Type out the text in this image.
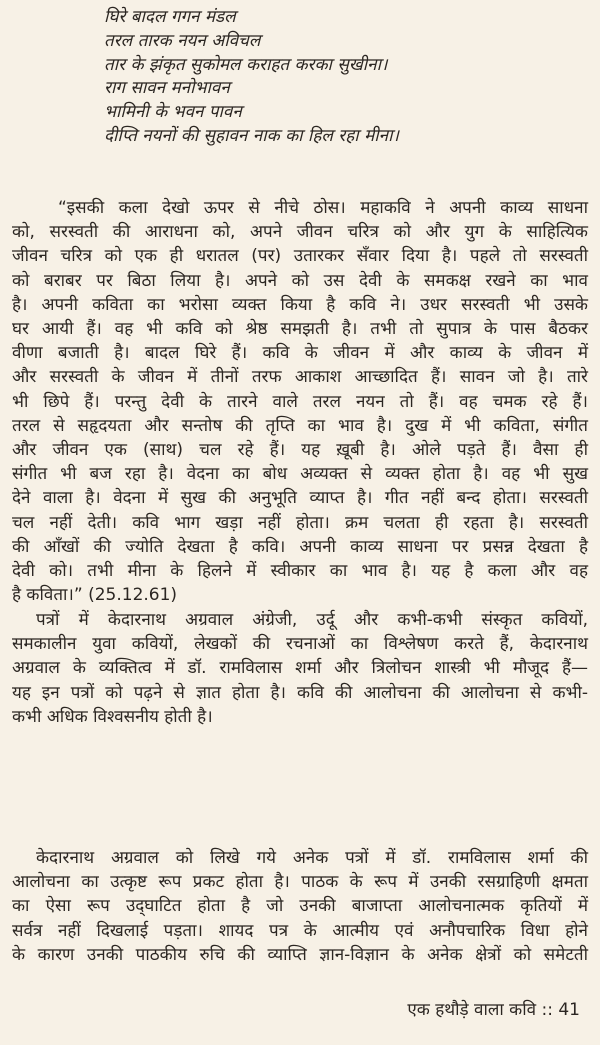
घिरे बादल गगन मंडल

तरल तारक नयन अविचल

तार के झंकृत सुकोमल कराहत करका सुखीना।

राग सावन मनोभावन

भामिनी के भवन पावन

दीप्ति नयनों की सुहावन नाक का हिल रहा मीना।

“इसकी कला देखो ऊपर से नीचे ठोस। महाकवि ने अपनी काव्य साधना

को, सरस्वती की आराधना को, अपने जीवन चरित्र को और युग के साहित्यिक

जीवन चरित्र को एक ही धरातल (पर) उतारकर सँवार दिया है। पहले तो सरस्वती

को बराबर पर बिठा लिया है। अपने को उस देवी के समकक्ष रखने का भाव

है। अपनी कविता का भरोसा व्यक्त किया है कवि ने। उधर सरस्वती भी उसके

घर आयी हैं। वह भी कवि को श्रेष्ठ समझती है। तभी तो सुपात्र के पास बैठकर

वीणा बजाती है। बादल घिरे हैं। कवि के जीवन में और काव्य के जीवन में

और सरस्वती के जीवन में तीनों तरफ आकाश आच्छादित हैं। सावन जो है। तारे

भी छिपे हैं। परन्तु देवी के तारने वाले तरल नयन तो हैं। वह चमक रहे हैं।

तरल से सहृदयता और सन्तोष की तृप्ति का भाव है। दुख में भी कविता, संगीत

और जीवन एक (साथ) चल रहे हैं। यह ख़ूबी है। ओले पड़ते हैं। वैसा ही

संगीत भी बज रहा है। वेदना का बोध अव्यक्त से व्यक्त होता है। वह भी सुख

देने वाला है। वेदना में सुख की अनुभूति व्याप्त है। गीत नहीं बन्द होता। सरस्वती

चल नहीं देती। कवि भाग खड़ा नहीं होता। क्रम चलता ही रहता है। सरस्वती

की आँखों की ज्योति देखता है कवि। अपनी काव्य साधना पर प्रसन्न देखता है

देवी को। तभी मीना के हिलने में स्वीकार का भाव है। यह है कला और वह

है कविता।” (25.12.61)

पत्रों में केदारनाथ अग्रवाल अंग्रेजी, उर्दू और कभी-कभी संस्कृत कवियों,

समकालीन युवा कवियों, लेखकों की रचनाओं का विश्लेषण करते हैं, केदारनाथ

अग्रवाल के व्यक्तित्व में डॉ. रामविलास शर्मा और त्रिलोचन शास्त्री भी मौजूद हैं—

यह इन पत्रों को पढ़ने से ज्ञात होता है। कवि की आलोचना की आलोचना से कभी-

कभी अधिक विश्वसनीय होती है।

केदारनाथ अग्रवाल को लिखे गये अनेक पत्रों में डॉ. रामविलास शर्मा की

आलोचना का उत्कृष्ट रूप प्रकट होता है। पाठक के रूप में उनकी रसग्राहिणी क्षमता

का ऐसा रूप उद्‌घाटित होता है जो उनकी बाजाप्ता आलोचनात्मक कृतियों में

सर्वत्र नहीं दिखलाई पड़ता। शायद पत्र के आत्मीय एवं अनौपचारिक विधा होने

के कारण उनकी पाठकीय रुचि की व्याप्ति ज्ञान-विज्ञान के अनेक क्षेत्रों को समेटती

एक हथौड़े वाला कवि :: 41
